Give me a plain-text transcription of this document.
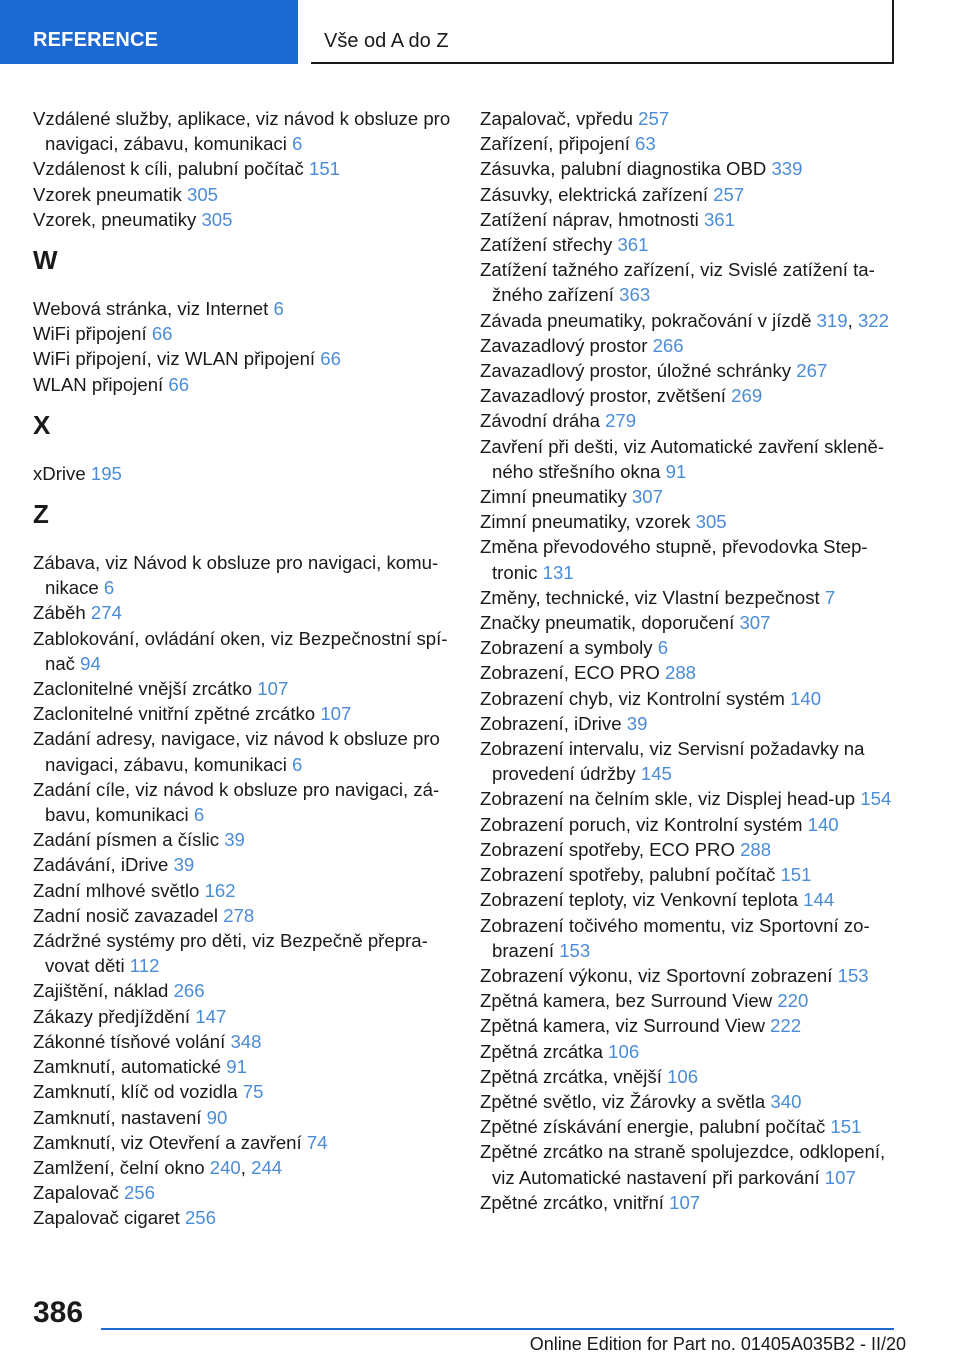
REFERENCE	Vše od A do Z
Vzdálené služby, aplikace, viz návod k obsluze pro navigaci, zábavu, komunikaci 6
Vzdálenost k cíli, palubní počítač 151
Vzorek pneumatik 305
Vzorek, pneumatiky 305
W
Webová stránka, viz Internet 6
WiFi připojení 66
WiFi připojení, viz WLAN připojení 66
WLAN připojení 66
X
xDrive 195
Z
Zábava, viz Návod k obsluze pro navigaci, komunikace 6
Záběh 274
Zablokování, ovládání oken, viz Bezpečnostní spínač 94
Zaclonitelné vnější zrcátko 107
Zaclonitelné vnitřní zpětné zrcátko 107
Zadání adresy, navigace, viz návod k obsluze pro navigaci, zábavu, komunikaci 6
Zadání cíle, viz návod k obsluze pro navigaci, zábavu, komunikaci 6
Zadání písmen a číslic 39
Zadávání, iDrive 39
Zadní mlhové světlo 162
Zadní nosič zavazadel 278
Zádržné systémy pro děti, viz Bezpečně přepravovat děti 112
Zajištění, náklad 266
Zákazy předjíždění 147
Zákonné tísňové volání 348
Zamknutí, automatické 91
Zamknutí, klíč od vozidla 75
Zamknutí, nastavení 90
Zamknutí, viz Otevření a zavření 74
Zamlžení, čelní okno 240, 244
Zapalovač 256
Zapalovač cigaret 256
Zapalovač, vpředu 257
Zařízení, připojení 63
Zásuvka, palubní diagnostika OBD 339
Zásuvky, elektrická zařízení 257
Zatížení náprav, hmotnosti 361
Zatížení střechy 361
Zatížení tažného zařízení, viz Svislé zatížení tažného zařízení 363
Závada pneumatiky, pokračování v jízdě 319, 322
Zavazadlový prostor 266
Zavazadlový prostor, úložné schránky 267
Zavazadlový prostor, zvětšení 269
Závodní dráha 279
Zavření při dešti, viz Automatické zavření skleněného střešního okna 91
Zimní pneumatiky 307
Zimní pneumatiky, vzorek 305
Změna převodového stupně, převodovka Steptronic 131
Změny, technické, viz Vlastní bezpečnost 7
Značky pneumatik, doporučení 307
Zobrazení a symboly 6
Zobrazení, ECO PRO 288
Zobrazení chyb, viz Kontrolní systém 140
Zobrazení, iDrive 39
Zobrazení intervalu, viz Servisní požadavky na provedení údržby 145
Zobrazení na čelním skle, viz Displej head-up 154
Zobrazení poruch, viz Kontrolní systém 140
Zobrazení spotřeby, ECO PRO 288
Zobrazení spotřeby, palubní počítač 151
Zobrazení teploty, viz Venkovní teplota 144
Zobrazení točivého momentu, viz Sportovní zobrazení 153
Zobrazení výkonu, viz Sportovní zobrazení 153
Zpětná kamera, bez Surround View 220
Zpětná kamera, viz Surround View 222
Zpětná zrcátka 106
Zpětná zrcátka, vnější 106
Zpětné světlo, viz Žárovky a světla 340
Zpětné získávání energie, palubní počítač 151
Zpětné zrcátko na straně spolujezdce, odklopení, viz Automatické nastavení při parkování 107
Zpětné zrcátko, vnitřní 107
386
Online Edition for Part no. 01405A035B2 - II/20
